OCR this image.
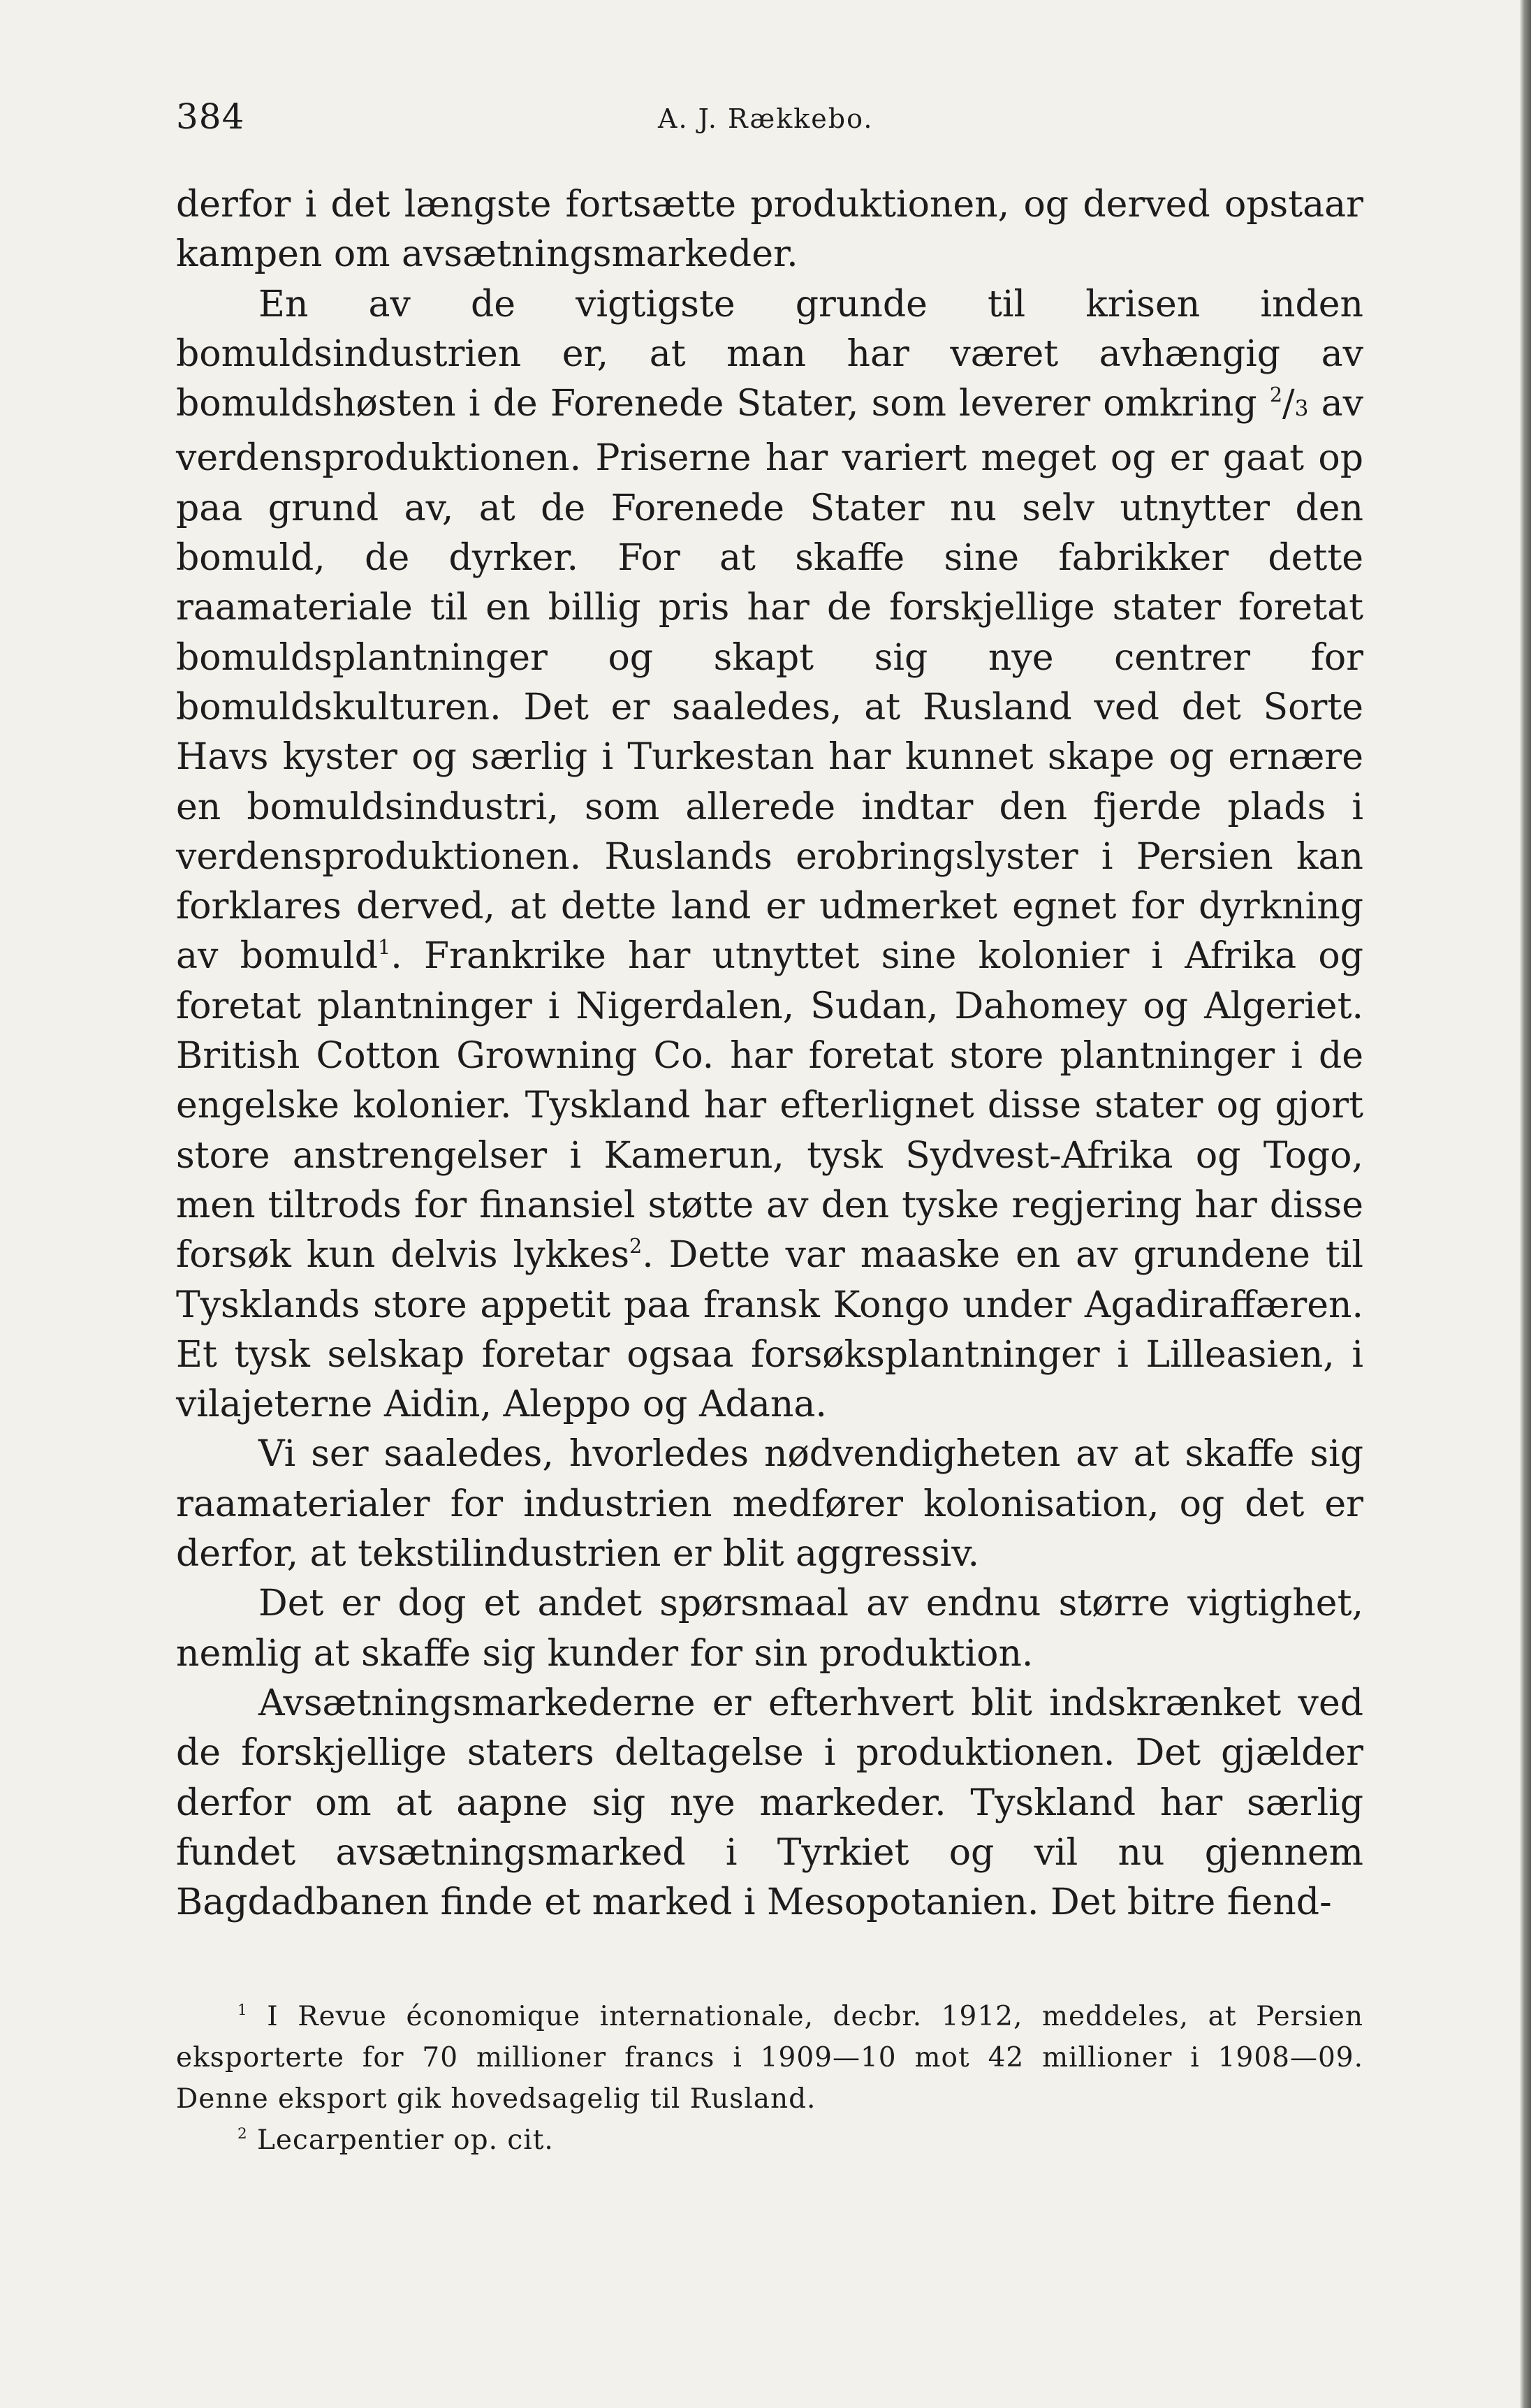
384	A. J. Rækkebo.

derfor i det længste fortsætte produktionen, og derved opstaar kampen om avsætningsmarkeder.

En av de vigtigste grunde til krisen inden bomuldsindustrien er, at man har været avhængig av bomuldshøsten i de Forenede Stater, som leverer omkring $^2$/3 av verdensproduktionen. Priserne har variert meget og er gaat op paa grund av, at de Forenede Stater nu selv utnytter den bomuld, de dyrker. For at skaffe sine fabrikker dette raamateriale til en billig pris har de forskjellige stater foretat bomuldsplantninger og skapt sig nye centrer for bomuldskulturen. Det er saaledes, at Rusland ved det Sorte Havs kyster og særlig i Turkestan har kunnet skape og ernære en bomuldsindustri, som allerede indtar den fjerde plads i verdensproduktionen. Ruslands erobringslyster i Persien kan forklares derved, at dette land er udmerket egnet for dyrkning av bomuld$^1$. Frankrike har utnyttet sine kolonier i Afrika og foretat plantninger i Nigerdalen, Sudan, Dahomey og Algeriet. British Cotton Growning Co. har foretat store plantninger i de engelske kolonier. Tyskland har efterlignet disse stater og gjort store anstrengelser i Kamerun, tysk Sydvest-Afrika og Togo, men tiltrods for finansiel støtte av den tyske regjering har disse forsøk kun delvis lykkes$^2$. Dette var maaske en av grundene til Tysklands store appetit paa fransk Kongo under Agadiraffæren. Et tysk selskap foretar ogsaa forsøksplantninger i Lilleasien, i vilajeterne Aidin, Aleppo og Adana.

Vi ser saaledes, hvorledes nødvendigheten av at skaffe sig raamaterialer for industrien medfører kolonisation, og det er derfor, at tekstilindustrien er blit aggressiv.

Det er dog et andet spørsmaal av endnu større vigtighet, nemlig at skaffe sig kunder for sin produktion.

Avsætningsmarkederne er efterhvert blit indskrænket ved de forskjellige staters deltagelse i produktionen. Det gjælder derfor om at aapne sig nye markeder. Tyskland har særlig fundet avsætningsmarked i Tyrkiet og vil nu gjennem Bagdadbanen finde et marked i Mesopotanien. Det bitre fiend-

$^1$ I Revue économique internationale, decbr. 1912, meddeles, at Persien eksporterte for 70 millioner francs i 1909—10 mot 42 millioner i 1908—09. Denne eksport gik hovedsagelig til Rusland.

$^2$ Lecarpentier op. cit.
